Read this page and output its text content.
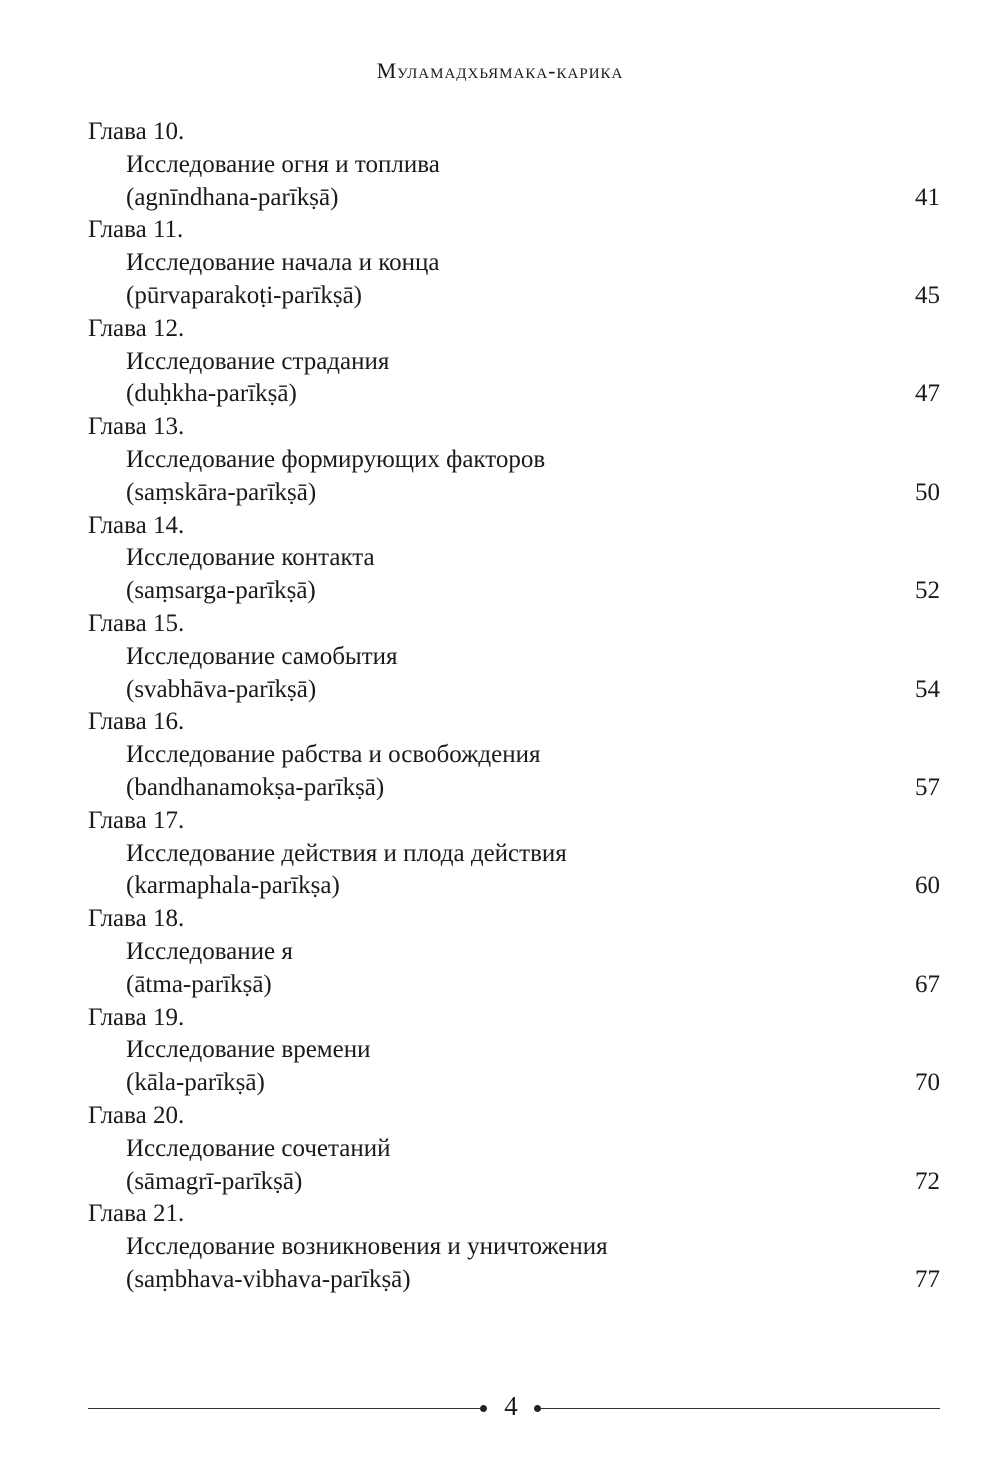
Муламадхьямака-карика
Глава 10.
Исследование огня и топлива
(agnīndhana-parīkṣā)	41
Глава 11.
Исследование начала и конца
(pūrvaparakoṭi-parīkṣā)	45
Глава 12.
Исследование страдания
(duḥkha-parīkṣā)	47
Глава 13.
Исследование формирующих факторов
(saṃskāra-parīkṣā)	50
Глава 14.
Исследование контакта
(saṃsarga-parīkṣā)	52
Глава 15.
Исследование самобытия
(svabhāva-parīkṣā)	54
Глава 16.
Исследование рабства и освобождения
(bandhanamokṣa-parīkṣā)	57
Глава 17.
Исследование действия и плода действия
(karmaphala-parīkṣa)	60
Глава 18.
Исследование я
(ātma-parīkṣā)	67
Глава 19.
Исследование времени
(kāla-parīkṣā)	70
Глава 20.
Исследование сочетаний
(sāmagrī-parīkṣā)	72
Глава 21.
Исследование возникновения и уничтожения
(saṃbhava-vibhava-parīkṣā)	77
4
